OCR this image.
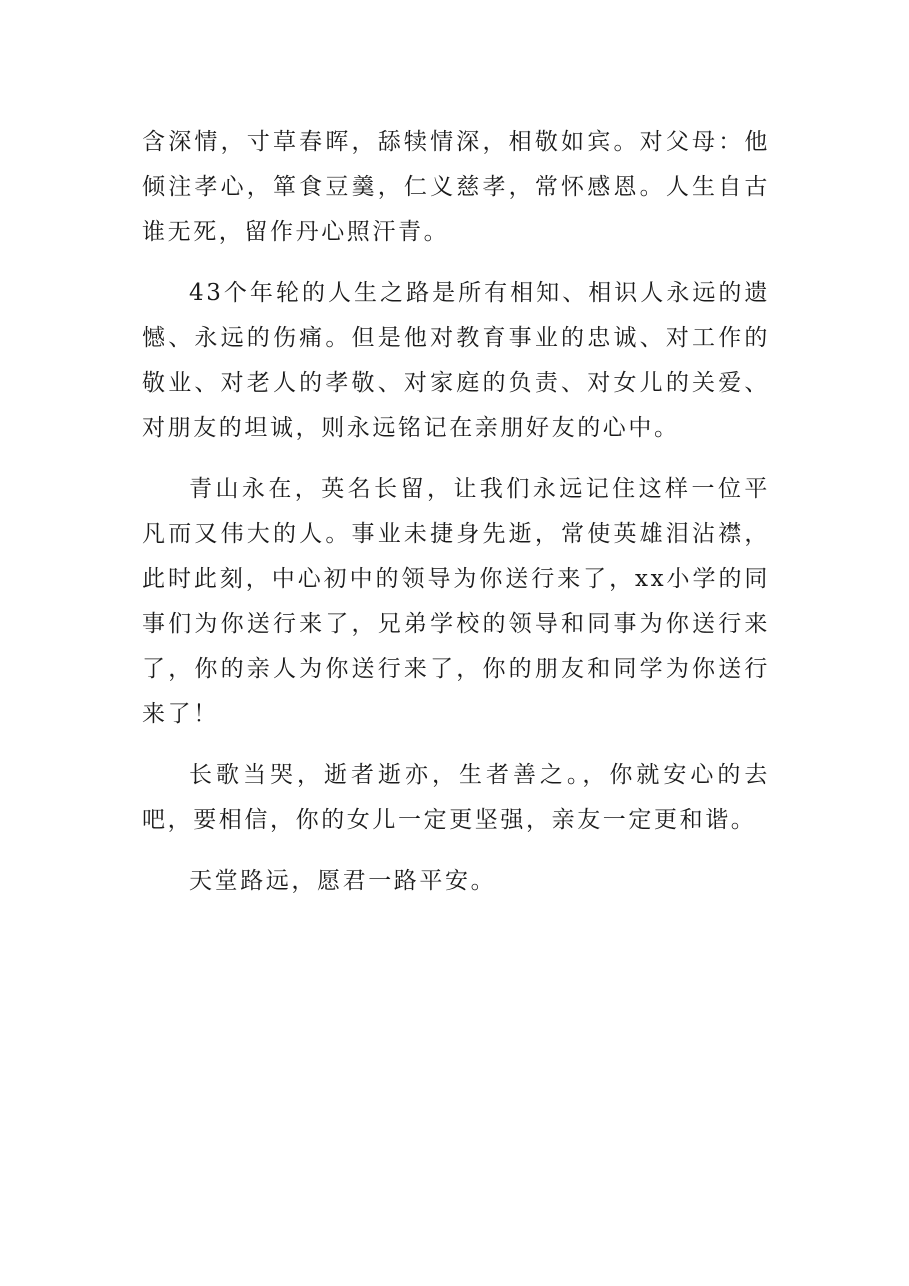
含深情，寸草春晖，舔犊情深，相敬如宾。对父母：他倾注孝心，箪食豆羹，仁义慈孝，常怀感恩。人生自古谁无死，留作丹心照汗青。

43个年轮的人生之路是所有相知、相识人永远的遗憾、永远的伤痛。但是他对教育事业的忠诚、对工作的敬业、对老人的孝敬、对家庭的负责、对女儿的关爱、对朋友的坦诚，则永远铭记在亲朋好友的心中。

青山永在，英名长留，让我们永远记住这样一位平凡而又伟大的人。事业未捷身先逝，常使英雄泪沾襟，此时此刻，中心初中的领导为你送行来了，xx小学的同事们为你送行来了，兄弟学校的领导和同事为你送行来了，你的亲人为你送行来了，你的朋友和同学为你送行来了！

长歌当哭，逝者逝亦，生者善之。，你就安心的去吧，要相信，你的女儿一定更坚强，亲友一定更和谐。

天堂路远，愿君一路平安。
